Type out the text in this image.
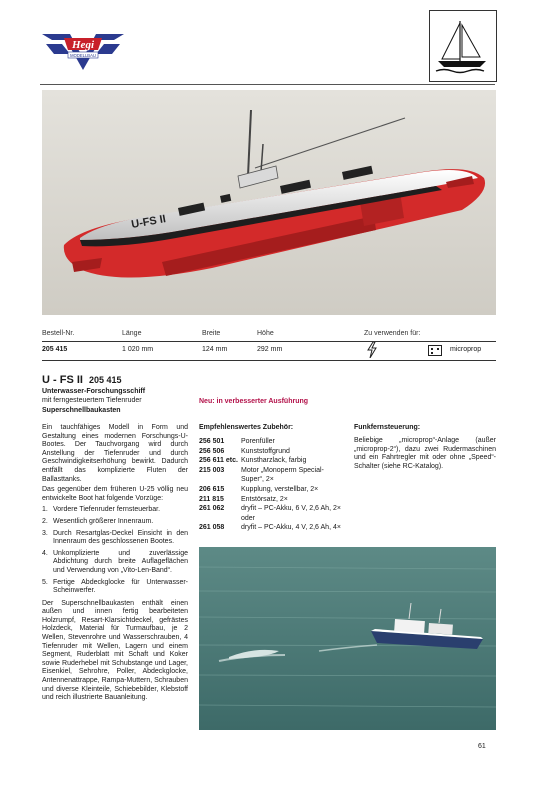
Hegi
MODELLBAU
U-FS II
Bestell-Nr.	Länge	Breite	Höhe	Zu verwenden für:
205 415	1 020 mm	124 mm	292 mm	microprop
U - FS II 205 415
Unterwasser-Forschungsschiff
mit ferngesteuertem Tiefenruder
Superschnellbaukasten
Neu: in verbesserter Ausführung

Ein tauchfähiges Modell in Form und Gestaltung eines modernen Forschungs-U-Bootes. Der Tauchvorgang wird durch Anstellung der Tiefenruder und durch Geschwindigkeitserhöhung bewirkt. Dadurch entfällt das komplizierte Fluten der Ballasttanks.

Das gegenüber dem früheren U-25 völlig neu entwickelte Boot hat folgende Vorzüge:

1. Vordere Tiefenruder fernsteuerbar.
2. Wesentlich größerer Innenraum.
3. Durch Resartglas-Deckel Einsicht in den Innenraum des geschlossenen Bootes.
4. Unkomplizierte und zuverlässige Abdichtung durch breite Auflageflächen und Verwendung von „Vito-Len-Band“.
5. Fertige Abdeckglocke für Unterwasser-Scheinwerfer.

Der Superschnellbaukasten enthält einen außen und innen fertig bearbeiteten Holzrumpf, Resart-Klarsichtdeckel, gefrästes Holzdeck, Material für Turmaufbau, je 2 Wellen, Stevenrohre und Wasserschrauben, 4 Tiefenruder mit Wellen, Lagern und einem Segment, Ruderblatt mit Schaft und Koker sowie Ruderhebel mit Schubstange und Lager, Eisenkiel, Sehrohre, Poller, Abdeckglocke, Antennenattrappe, Rampa-Muttern, Schrauben und diverse Kleinteile, Schiebebilder, Klebstoff und reich illustrierte Bauanleitung.

Empfehlenswertes Zubehör:
256 501	Porenfüller
256 506	Kunststoffgrund
256 611 etc. Kunstharzlack, farbig
215 003	Motor „Monoperm Special-
Super“, 2×
206 615	Kupplung, verstellbar, 2×
211 815	Entstörsatz, 2×
261 062	dryfit – PC-Akku, 6 V, 2,6 Ah, 2×
oder
261 058	dryfit – PC-Akku, 4 V, 2,6 Ah, 4×
Funkfernsteuerung:
Beliebige „microprop“-Anlage (außer „microprop-2“), dazu zwei Rudermaschinen und ein Fahrtregler mit oder ohne „Speed“-Schalter (siehe RC-Katalog).
61
